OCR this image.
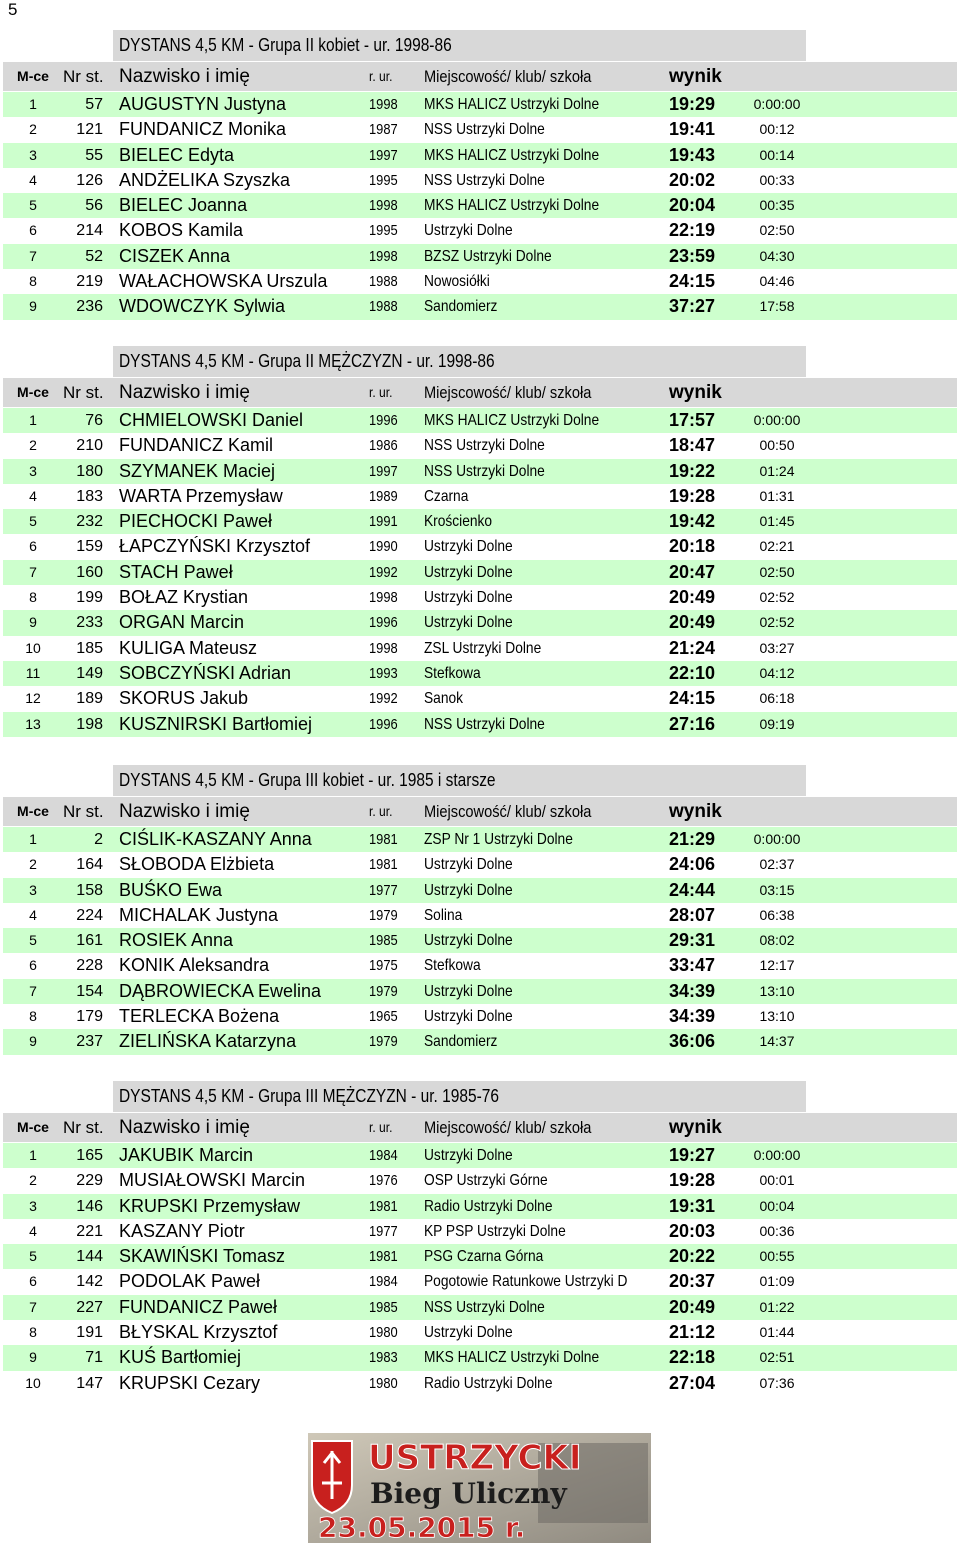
5
DYSTANS 4,5 KM - Grupa II kobiet - ur. 1998-86
M-ce Nr st. Nazwisko i imię	r. ur. Miejscowość/ klub/ szkoła	wynik
1	57 AUGUSTYN Justyna	1998 MKS HALICZ Ustrzyki Dolne	19:29	0:00:00
2	121 FUNDANICZ Monika	1987 NSS Ustrzyki Dolne	19:41	00:12
3	55 BIELEC Edyta	1997 MKS HALICZ Ustrzyki Dolne	19:43	00:14
4	126 ANDŻELIKA Szyszka	1995 NSS Ustrzyki Dolne	20:02	00:33
5	56 BIELEC Joanna	1998 MKS HALICZ Ustrzyki Dolne	20:04	00:35
6	214 KOBOS Kamila	1995 Ustrzyki Dolne	22:19	02:50
7	52 CISZEK Anna	1998 BZSZ Ustrzyki Dolne	23:59	04:30
8	219 WAŁACHOWSKA Urszula	1988 Nowosiółki	24:15	04:46
9	236 WDOWCZYK Sylwia	1988 Sandomierz	37:27	17:58
DYSTANS 4,5 KM - Grupa II MĘŻCZYZN - ur. 1998-86
M-ce Nr st. Nazwisko i imię	r. ur. Miejscowość/ klub/ szkoła	wynik
1	76 CHMIELOWSKI Daniel	1996 MKS HALICZ Ustrzyki Dolne	17:57	0:00:00
2	210 FUNDANICZ Kamil	1986 NSS Ustrzyki Dolne	18:47	00:50
3	180 SZYMANEK Maciej	1997 NSS Ustrzyki Dolne	19:22	01:24
4	183 WARTA Przemysław	1989 Czarna	19:28	01:31
5	232 PIECHOCKI Paweł	1991 Krościenko	19:42	01:45
6	159 ŁAPCZYŃSKI Krzysztof	1990 Ustrzyki Dolne	20:18	02:21
7	160 STACH Paweł	1992 Ustrzyki Dolne	20:47	02:50
8	199 BOŁAZ Krystian	1998 Ustrzyki Dolne	20:49	02:52
9	233 ORGAN Marcin	1996 Ustrzyki Dolne	20:49	02:52
10	185 KULIGA Mateusz	1998 ZSL Ustrzyki Dolne	21:24	03:27
11	149 SOBCZYŃSKI Adrian	1993 Stefkowa	22:10	04:12
12	189 SKORUS Jakub	1992 Sanok	24:15	06:18
13	198 KUSZNIRSKI Bartłomiej	1996 NSS Ustrzyki Dolne	27:16	09:19
DYSTANS 4,5 KM - Grupa III kobiet - ur. 1985 i starsze
M-ce Nr st. Nazwisko i imię	r. ur. Miejscowość/ klub/ szkoła	wynik
1	2 CIŚLIK-KASZANY Anna	1981 ZSP Nr 1 Ustrzyki Dolne	21:29	0:00:00
2	164 SŁOBODA Elżbieta	1981 Ustrzyki Dolne	24:06	02:37
3	158 BUŚKO Ewa	1977 Ustrzyki Dolne	24:44	03:15
4	224 MICHALAK Justyna	1979 Solina	28:07	06:38
5	161 ROSIEK Anna	1985 Ustrzyki Dolne	29:31	08:02
6	228 KONIK Aleksandra	1975 Stefkowa	33:47	12:17
7	154 DĄBROWIECKA Ewelina	1979 Ustrzyki Dolne	34:39	13:10
8	179 TERLECKA Bożena	1965 Ustrzyki Dolne	34:39	13:10
9	237 ZIELIŃSKA Katarzyna	1979 Sandomierz	36:06	14:37
DYSTANS 4,5 KM - Grupa III MĘŻCZYZN - ur. 1985-76
M-ce Nr st. Nazwisko i imię	r. ur. Miejscowość/ klub/ szkoła	wynik
1	165 JAKUBIK Marcin	1984 Ustrzyki Dolne	19:27	0:00:00
2	229 MUSIAŁOWSKI Marcin	1976 OSP Ustrzyki Górne	19:28	00:01
3	146 KRUPSKI Przemysław	1981 Radio Ustrzyki Dolne	19:31	00:04
4	221 KASZANY Piotr	1977 KP PSP Ustrzyki Dolne	20:03	00:36
5	144 SKAWIŃSKI Tomasz	1981 PSG Czarna Górna	20:22	00:55
6	142 PODOLAK Paweł	1984 Pogotowie Ratunkowe Ustrzyki D	20:37	01:09
7	227 FUNDANICZ Paweł	1985 NSS Ustrzyki Dolne	20:49	01:22
8	191 BŁYSKAL Krzysztof	1980 Ustrzyki Dolne	21:12	01:44
9	71 KUŚ Bartłomiej	1983 MKS HALICZ Ustrzyki Dolne	22:18	02:51
10	147 KRUPSKI Cezary	1980 Radio Ustrzyki Dolne	27:04	07:36
USTRZYCKI
Bieg Uliczny
23.05.2015 r.
